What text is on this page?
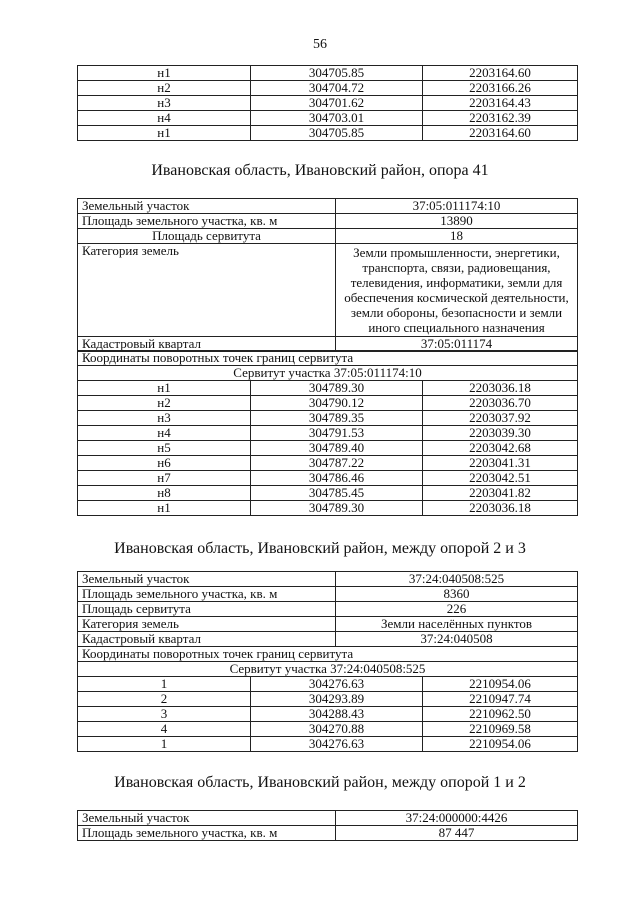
56
н1	304705.85	2203164.60
н2	304704.72	2203166.26
н3	304701.62	2203164.43
н4	304703.01	2203162.39
н1	304705.85	2203164.60
Ивановская область, Ивановский район, опора 41
Земельный участок	37:05:011174:10
Площадь земельного участка, кв. м	13890
Площадь сервитута	18
Категория земель	Земли промышленности, энергетики, транспорта, связи, радиовещания, телевидения, информатики, земли для обеспечения космической деятельности, земли обороны, безопасности и земли иного специального назначения
Кадастровый квартал	37:05:011174
Координаты поворотных точек границ сервитута		
Сервитут участка 37:05:011174:10		
н1	304789.30	2203036.18
н2	304790.12	2203036.70
н3	304789.35	2203037.92
н4	304791.53	2203039.30
н5	304789.40	2203042.68
н6	304787.22	2203041.31
н7	304786.46	2203042.51
н8	304785.45	2203041.82
н1	304789.30	2203036.18
Ивановская область, Ивановский район, между опорой 2 и 3
Земельный участок	37:24:040508:525
Площадь земельного участка, кв. м	8360
Площадь сервитута	226
Категория земель	Земли населённых пунктов
Кадастровый квартал	37:24:040508
Координаты поворотных точек границ сервитута		
Сервитут участка 37:24:040508:525		
1	304276.63	2210954.06
2	304293.89	2210947.74
3	304288.43	2210962.50
4	304270.88	2210969.58
1	304276.63	2210954.06
Ивановская область, Ивановский район, между опорой 1 и 2
Земельный участок	37:24:000000:4426
Площадь земельного участка, кв. м	87 447
